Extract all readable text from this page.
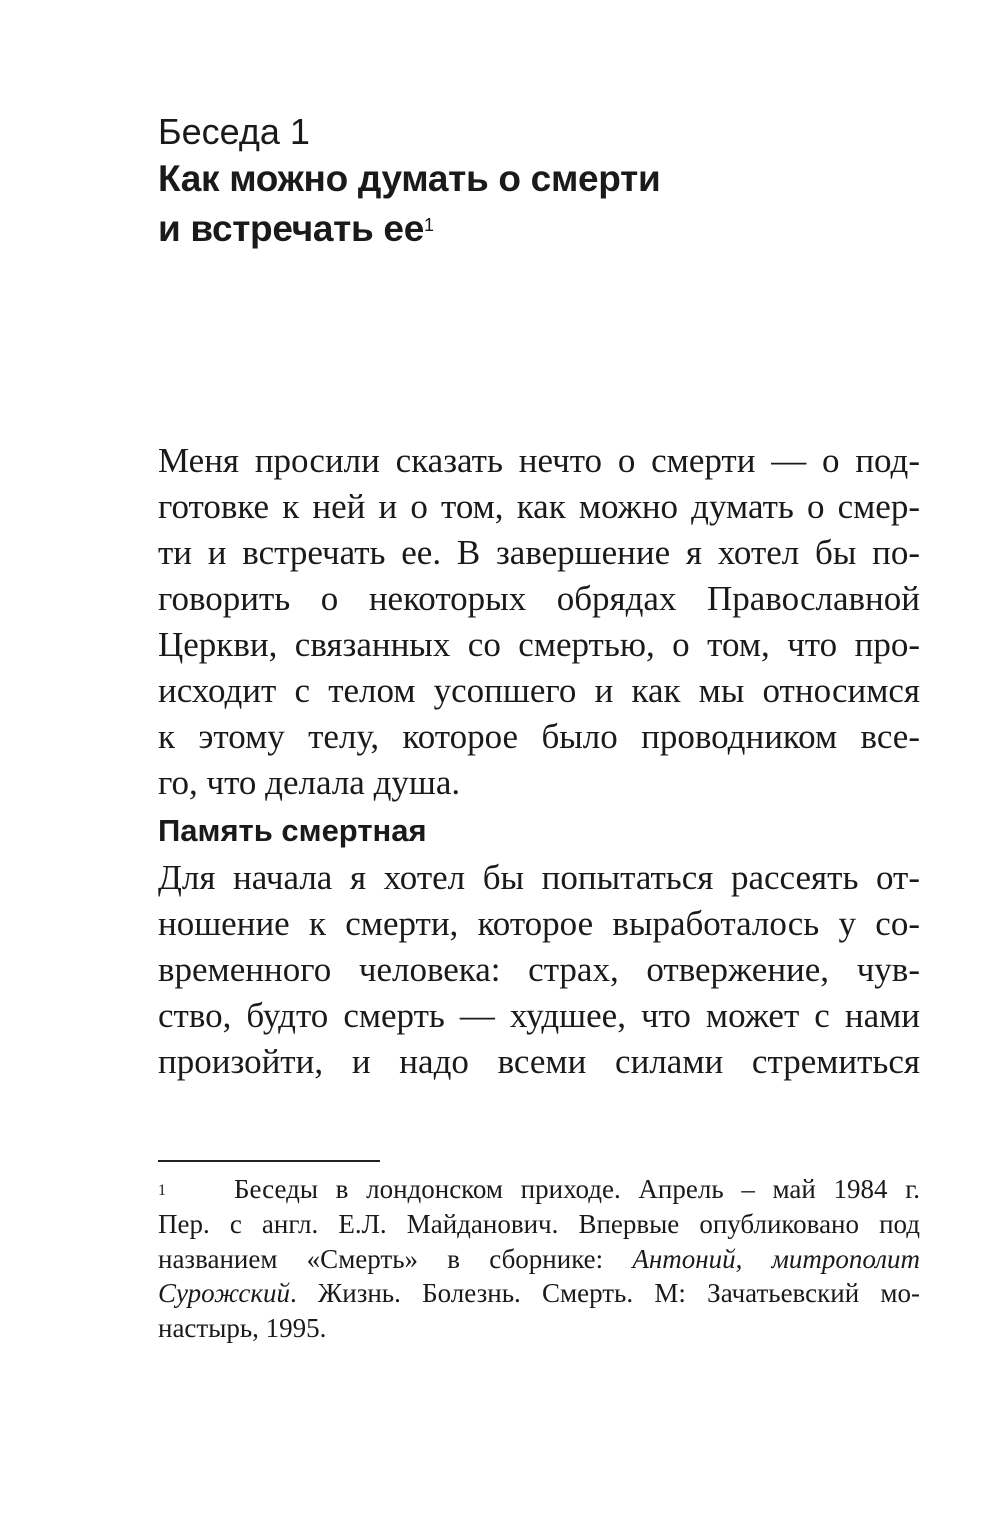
Беседа 1
Как можно думать о смерти
и встречать $ее^1$
Меня просили сказать нечто о смерти — о под-
готовке к ней и о том, как можно думать о смер-
ти и встречать ее. В завершение я хотел бы по-
говорить о некоторых обрядах Православной
Церкви, связанных со смертью, о том, что про-
исходит с телом усопшего и как мы относимся
к этому телу, которое было проводником все-
го, что делала душа.
Память смертная
Для начала я хотел бы попытаться рассеять от-
ношение к смерти, которое выработалось у со-
временного человека: страх, отвержение, чув-
ство, будто смерть — худшее, что может с нами
произойти, и надо всеми силами стремиться
1	Беседы в лондонском приходе. Апрель – май 1984 г.
Пер. с англ. Е.Л. Майданович. Впервые опубликовано под
названием «Смерть» в сборнике: Антоний, митрополит
Сурожский. Жизнь. Болезнь. Смерть. М: Зачатьевский мо-
настырь, 1995.
